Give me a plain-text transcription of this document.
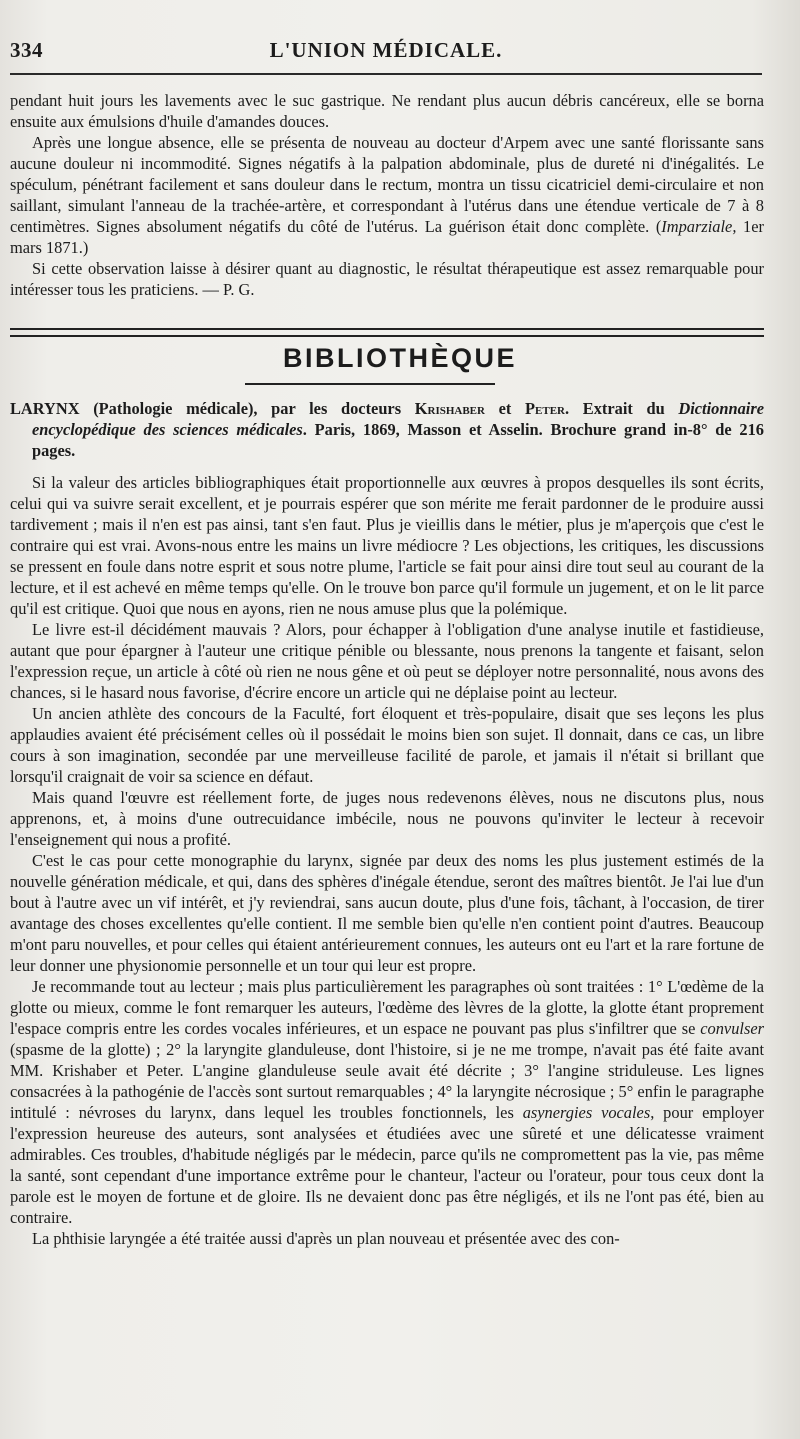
334	L'UNION MÉDICALE.

pendant huit jours les lavements avec le suc gastrique. Ne rendant plus aucun débris cancéreux, elle se borna ensuite aux émulsions d'huile d'amandes douces.

Après une longue absence, elle se présenta de nouveau au docteur d'Arpem avec une santé florissante sans aucune douleur ni incommodité. Signes négatifs à la palpation abdominale, plus de dureté ni d'inégalités. Le spéculum, pénétrant facilement et sans douleur dans le rectum, montra un tissu cicatriciel demi-circulaire et non saillant, simulant l'anneau de la trachée-artère, et correspondant à l'utérus dans une étendue verticale de 7 à 8 centimètres. Signes absolument négatifs du côté de l'utérus. La guérison était donc complète. (Imparziale, 1er mars 1871.)

Si cette observation laisse à désirer quant au diagnostic, le résultat thérapeutique est assez remarquable pour intéresser tous les praticiens. — P. G.

BIBLIOTHÈQUE

LARYNX (Pathologie médicale), par les docteurs Krishaber et Peter. Extrait du Dictionnaire encyclopédique des sciences médicales. Paris, 1869, Masson et Asselin. Brochure grand in-8° de 216 pages.

Si la valeur des articles bibliographiques était proportionnelle aux œuvres à propos desquelles ils sont écrits, celui qui va suivre serait excellent, et je pourrais espérer que son mérite me ferait pardonner de le produire aussi tardivement ; mais il n'en est pas ainsi, tant s'en faut. Plus je vieillis dans le métier, plus je m'aperçois que c'est le contraire qui est vrai. Avons-nous entre les mains un livre médiocre ? Les objections, les critiques, les discussions se pressent en foule dans notre esprit et sous notre plume, l'article se fait pour ainsi dire tout seul au courant de la lecture, et il est achevé en même temps qu'elle. On le trouve bon parce qu'il formule un jugement, et on le lit parce qu'il est critique. Quoi que nous en ayons, rien ne nous amuse plus que la polémique.

Le livre est-il décidément mauvais ? Alors, pour échapper à l'obligation d'une analyse inutile et fastidieuse, autant que pour épargner à l'auteur une critique pénible ou blessante, nous prenons la tangente et faisant, selon l'expression reçue, un article à côté où rien ne nous gêne et où peut se déployer notre personnalité, nous avons des chances, si le hasard nous favorise, d'écrire encore un article qui ne déplaise point au lecteur.

Un ancien athlète des concours de la Faculté, fort éloquent et très-populaire, disait que ses leçons les plus applaudies avaient été précisément celles où il possédait le moins bien son sujet. Il donnait, dans ce cas, un libre cours à son imagination, secondée par une merveilleuse facilité de parole, et jamais il n'était si brillant que lorsqu'il craignait de voir sa science en défaut.

Mais quand l'œuvre est réellement forte, de juges nous redevenons élèves, nous ne discutons plus, nous apprenons, et, à moins d'une outrecuidance imbécile, nous ne pouvons qu'inviter le lecteur à recevoir l'enseignement qui nous a profité.

C'est le cas pour cette monographie du larynx, signée par deux des noms les plus justement estimés de la nouvelle génération médicale, et qui, dans des sphères d'inégale étendue, seront des maîtres bientôt. Je l'ai lue d'un bout à l'autre avec un vif intérêt, et j'y reviendrai, sans aucun doute, plus d'une fois, tâchant, à l'occasion, de tirer avantage des choses excellentes qu'elle contient. Il me semble bien qu'elle n'en contient point d'autres. Beaucoup m'ont paru nouvelles, et pour celles qui étaient antérieurement connues, les auteurs ont eu l'art et la rare fortune de leur donner une physionomie personnelle et un tour qui leur est propre.

Je recommande tout au lecteur ; mais plus particulièrement les paragraphes où sont traitées : 1° L'œdème de la glotte ou mieux, comme le font remarquer les auteurs, l'œdème des lèvres de la glotte, la glotte étant proprement l'espace compris entre les cordes vocales inférieures, et un espace ne pouvant pas plus s'infiltrer que se convulser (spasme de la glotte) ; 2° la laryngite glanduleuse, dont l'histoire, si je ne me trompe, n'avait pas été faite avant MM. Krishaber et Peter. L'angine glanduleuse seule avait été décrite ; 3° l'angine striduleuse. Les lignes consacrées à la pathogénie de l'accès sont surtout remarquables ; 4° la laryngite nécrosique ; 5° enfin le paragraphe intitulé : névroses du larynx, dans lequel les troubles fonctionnels, les asynergies vocales, pour employer l'expression heureuse des auteurs, sont analysées et étudiées avec une sûreté et une délicatesse vraiment admirables. Ces troubles, d'habitude négligés par le médecin, parce qu'ils ne compromettent pas la vie, pas même la santé, sont cependant d'une importance extrême pour le chanteur, l'acteur ou l'orateur, pour tous ceux dont la parole est le moyen de fortune et de gloire. Ils ne devaient donc pas être négligés, et ils ne l'ont pas été, bien au contraire.

La phthisie laryngée a été traitée aussi d'après un plan nouveau et présentée avec des con-
